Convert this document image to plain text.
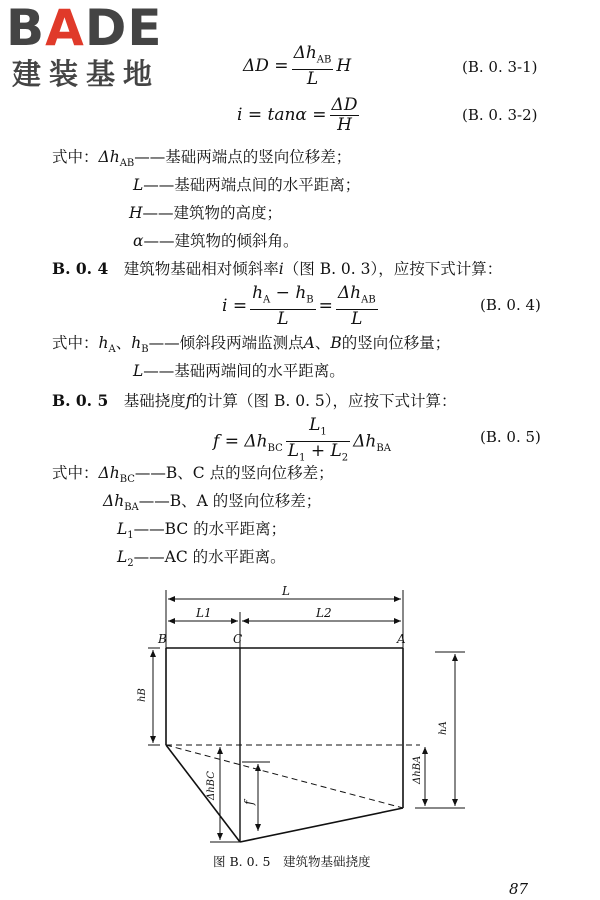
BADE
建装基地	$\Delta D = \frac{\Delta h_{AB}}{L}$ H	(B. 0. 3-1)
$i = \tan\alpha = \frac{\Delta D}{H}$	(B. 0. 3-2)
式中：$\Delta h_{AB}——$基础两端点的竖向位移差；
L——基础两端点间的水平距离；
H——建筑物的高度；
α——建筑物的倾斜角。
B. 0. 4　 建筑物基础相对倾斜率i（图 B. 0. 3），应按下式计算：
$i = \frac{h_A - h_B}{L} = \frac{\Delta h_{AB}}{L}$	(B. 0. 4)
式中：$h_A$、$h_B——$倾斜段两端监测点A、B的竖向位移量；
L——基础两端间的水平距离。
B. 0. 5　 基础挠度f的计算（图 B. 0. 5），应按下式计算：
$f = \Delta h_{BC} \frac{L_1}{L_1 + L_2} \Delta h_{BA}$
(B. 0. 5)
式中：$\Delta h_{BC}——B$、C 点的竖向位移差；
$\Delta h_{BA}——B$、A 的竖向位移差；
$L_1——BC$ 的水平距离；
$L_2——AC$ 的水平距离。
L
L1	L2
B	C	A
hB
hA
ΔhBC
ΔhBA
f
图 B. 0. 5　建筑物基础挠度
87
